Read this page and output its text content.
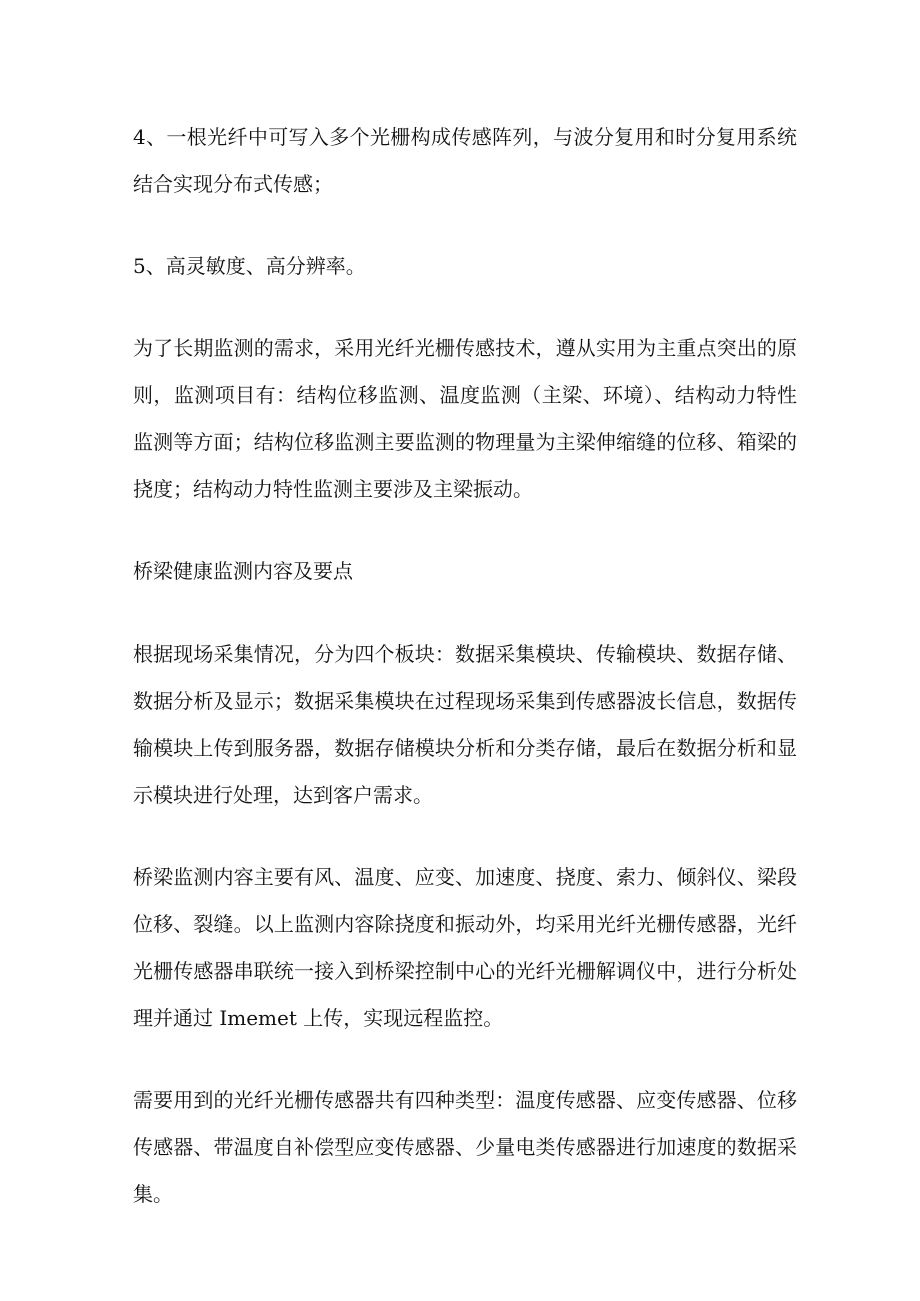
4、一根光纤中可写入多个光栅构成传感阵列，与波分复用和时分复用系统结合实现分布式传感；

5、高灵敏度、高分辨率。

为了长期监测的需求，采用光纤光栅传感技术，遵从实用为主重点突出的原则，监测项目有：结构位移监测、温度监测（主梁、环境）、结构动力特性监测等方面；结构位移监测主要监测的物理量为主梁伸缩缝的位移、箱梁的挠度；结构动力特性监测主要涉及主梁振动。

桥梁健康监测内容及要点

根据现场采集情况，分为四个板块：数据采集模块、传输模块、数据存储、数据分析及显示；数据采集模块在过程现场采集到传感器波长信息，数据传输模块上传到服务器，数据存储模块分析和分类存储，最后在数据分析和显示模块进行处理，达到客户需求。

桥梁监测内容主要有风、温度、应变、加速度、挠度、索力、倾斜仪、梁段位移、裂缝。以上监测内容除挠度和振动外，均采用光纤光栅传感器，光纤光栅传感器串联统一接入到桥梁控制中心的光纤光栅解调仪中，进行分析处理并通过 Imemet 上传，实现远程监控。

需要用到的光纤光栅传感器共有四种类型：温度传感器、应变传感器、位移传感器、带温度自补偿型应变传感器、少量电类传感器进行加速度的数据采集。
